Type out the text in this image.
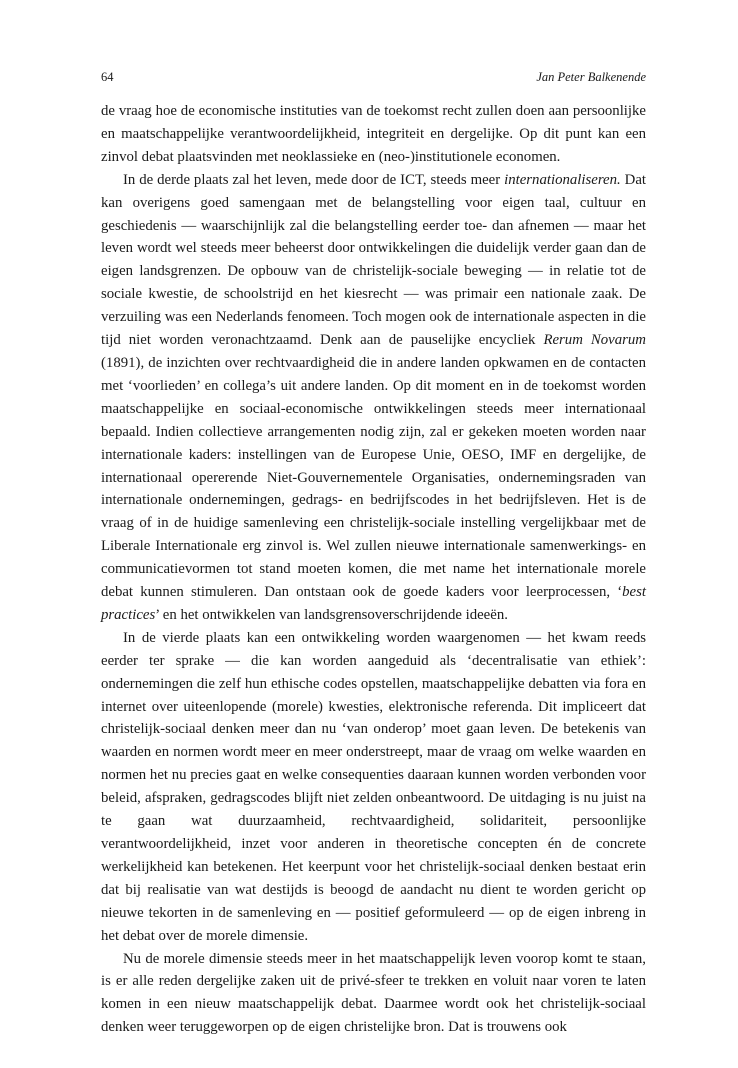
64	Jan Peter Balkenende

de vraag hoe de economische instituties van de toekomst recht zullen doen aan persoonlijke en maatschappelijke verantwoordelijkheid, integriteit en dergelijke. Op dit punt kan een zinvol debat plaatsvinden met neoklassieke en (neo-)institutionele economen.

In de derde plaats zal het leven, mede door de ICT, steeds meer internationaliseren. Dat kan overigens goed samengaan met de belangstelling voor eigen taal, cultuur en geschiedenis — waarschijnlijk zal die belangstelling eerder toe- dan afnemen — maar het leven wordt wel steeds meer beheerst door ontwikkelingen die duidelijk verder gaan dan de eigen landsgrenzen. De opbouw van de christelijk-sociale beweging — in relatie tot de sociale kwestie, de schoolstrijd en het kiesrecht — was primair een nationale zaak. De verzuiling was een Nederlands fenomeen. Toch mogen ook de internationale aspecten in die tijd niet worden veronachtzaamd. Denk aan de pauselijke encycliek Rerum Novarum (1891), de inzichten over rechtvaardigheid die in andere landen opkwamen en de contacten met ‘voorlieden’ en collega’s uit andere landen. Op dit moment en in de toekomst worden maatschappelijke en sociaal-economische ontwikkelingen steeds meer internationaal bepaald. Indien collectieve arrangementen nodig zijn, zal er gekeken moeten worden naar internationale kaders: instellingen van de Europese Unie, OESO, IMF en dergelijke, de internationaal opererende Niet-Gouvernementele Organisaties, ondernemingsraden van internationale ondernemingen, gedrags- en bedrijfscodes in het bedrijfsleven. Het is de vraag of in de huidige samenleving een christelijk-sociale instelling vergelijkbaar met de Liberale Internationale erg zinvol is. Wel zullen nieuwe internationale samenwerkings- en communicatievormen tot stand moeten komen, die met name het internationale morele debat kunnen stimuleren. Dan ontstaan ook de goede kaders voor leerprocessen, ‘best practices’ en het ontwikkelen van landsgrensoverschrijdende ideeën.

In de vierde plaats kan een ontwikkeling worden waargenomen — het kwam reeds eerder ter sprake — die kan worden aangeduid als ‘decentralisatie van ethiek’: ondernemingen die zelf hun ethische codes opstellen, maatschappelijke debatten via fora en internet over uiteenlopende (morele) kwesties, elektronische referenda. Dit impliceert dat christelijk-sociaal denken meer dan nu ‘van onderop’ moet gaan leven. De betekenis van waarden en normen wordt meer en meer onderstreept, maar de vraag om welke waarden en normen het nu precies gaat en welke consequenties daaraan kunnen worden verbonden voor beleid, afspraken, gedragscodes blijft niet zelden onbeantwoord. De uitdaging is nu juist na te gaan wat duurzaamheid, rechtvaardigheid, solidariteit, persoonlijke verantwoordelijkheid, inzet voor anderen in theoretische concepten én de concrete werkelijkheid kan betekenen. Het keerpunt voor het christelijk-sociaal denken bestaat erin dat bij realisatie van wat destijds is beoogd de aandacht nu dient te worden gericht op nieuwe tekorten in de samenleving en — positief geformuleerd — op de eigen inbreng in het debat over de morele dimensie.

Nu de morele dimensie steeds meer in het maatschappelijk leven voorop komt te staan, is er alle reden dergelijke zaken uit de privé-sfeer te trekken en voluit naar voren te laten komen in een nieuw maatschappelijk debat. Daarmee wordt ook het christelijk-sociaal denken weer teruggeworpen op de eigen christelijke bron. Dat is trouwens ook
